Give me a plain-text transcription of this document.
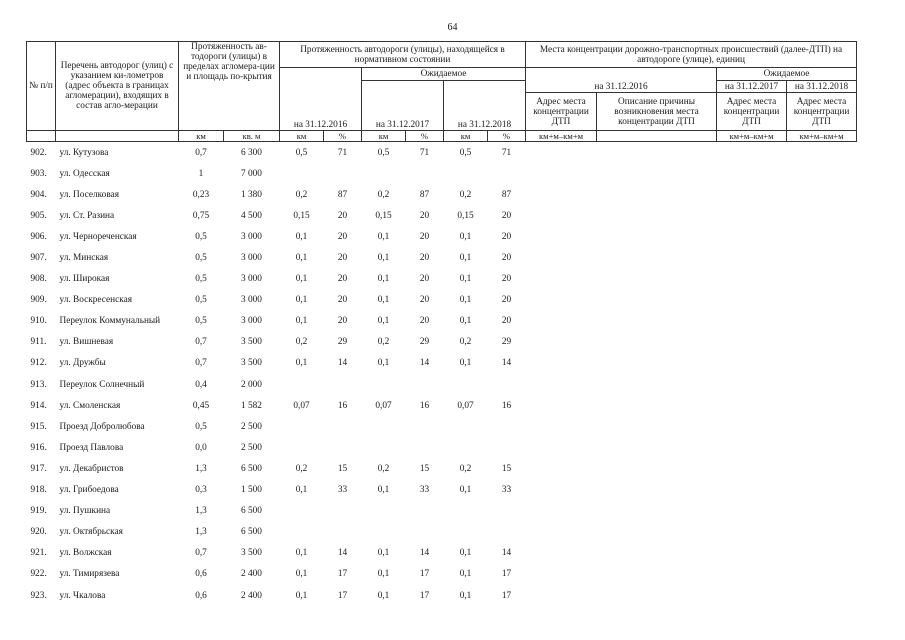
64
№ п/п	Перечень автодорог (улиц) с указанием ки-лометров (адрес объекта в границах агломерации), входящих в состав агло-мерации	Протяженность ав-тодороги (улицы) в пределах агломера-ции и площадь по-крытия		Протяженность автодороги (улицы), находящейся в нормативном состоянии						Места концентрации дорожно-транспортных происшествий (далее-ДТП) на автодороге (улице), единиц			
				на 31.12.2016		Ожидаемое				на 31.12.2016		Ожидаемое	
						на 31.12.2017		на 31.12.2018				на 31.12.2017	на 31.12.2018
										Адрес места концентрации ДТП	Описание причины возникновения места концентрации ДТП	Адрес места концентрации ДТП	Адрес места концентрации ДТП
		км	кв. м	км	%	км	%	км	%	км+м–км+м		км+м–км+м	км+м–км+м
902.	ул. Кутузова	0,7	6 300	0,5	71	0,5	71	0,5	71				
903.	ул. Одесская	1	7 000										
904.	ул. Поселковая	0,23	1 380	0,2	87	0,2	87	0,2	87				
905.	ул. Ст. Разина	0,75	4 500	0,15	20	0,15	20	0,15	20				
906.	ул. Чернореченская	0,5	3 000	0,1	20	0,1	20	0,1	20				
907.	ул. Минская	0,5	3 000	0,1	20	0,1	20	0,1	20				
908.	ул. Широкая	0,5	3 000	0,1	20	0,1	20	0,1	20				
909.	ул. Воскресенская	0,5	3 000	0,1	20	0,1	20	0,1	20				
910.	Переулок Коммунальный	0,5	3 000	0,1	20	0,1	20	0,1	20				
911.	ул. Вишневая	0,7	3 500	0,2	29	0,2	29	0,2	29				
912.	ул. Дружбы	0,7	3 500	0,1	14	0,1	14	0,1	14				
913.	Переулок Солнечный	0,4	2 000										
914.	ул. Смоленская	0,45	1 582	0,07	16	0,07	16	0,07	16				
915.	Проезд Добролюбова	0,5	2 500										
916.	Проезд Павлова	0,0	2 500										
917.	ул. Декабристов	1,3	6 500	0,2	15	0,2	15	0,2	15				
918.	ул. Грибоедова	0,3	1 500	0,1	33	0,1	33	0,1	33				
919.	ул. Пушкина	1,3	6 500										
920.	ул. Октябрьская	1,3	6 500										
921.	ул. Волжская	0,7	3 500	0,1	14	0,1	14	0,1	14				
922.	ул. Тимирязева	0,6	2 400	0,1	17	0,1	17	0,1	17				
923.	ул. Чкалова	0,6	2 400	0,1	17	0,1	17	0,1	17				
